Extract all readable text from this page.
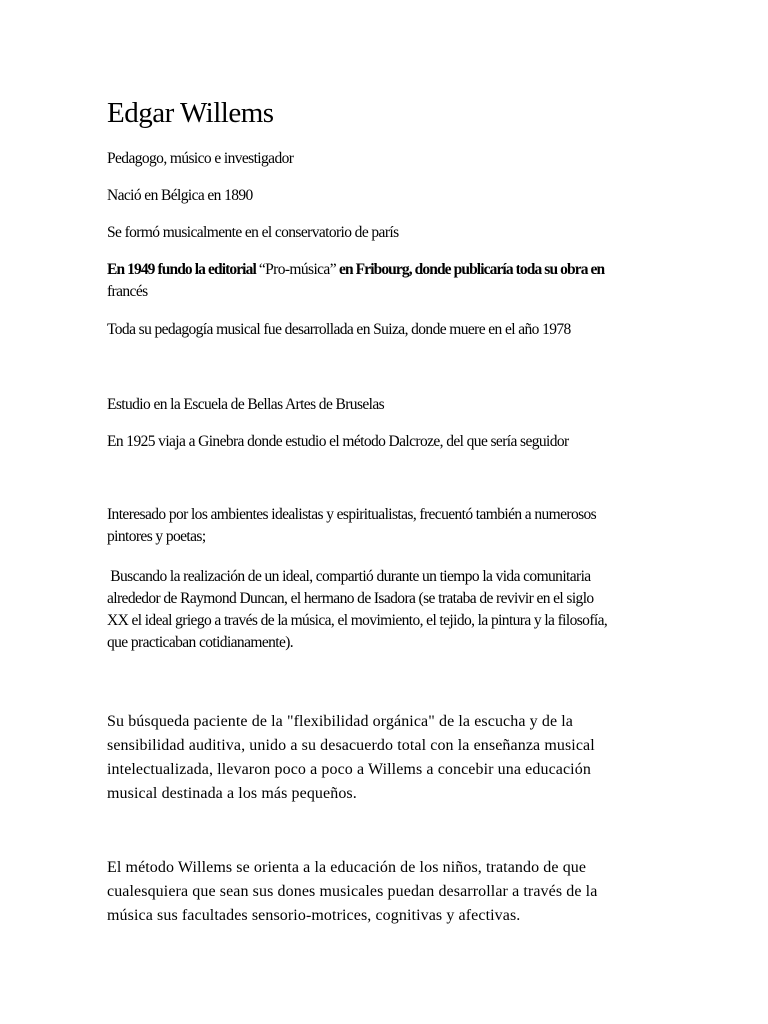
Edgar Willems

Pedagogo, músico e investigador

Nació en Bélgica en 1890

Se formó musicalmente en el conservatorio de parís

En 1949 fundo la editorial “Pro-música” en Fribourg, donde publicaría toda su obra en
francés

Toda su pedagogía musical fue desarrollada en Suiza, donde muere en el año 1978

Estudio en la Escuela de Bellas Artes de Bruselas

En 1925 viaja a Ginebra donde estudio el método Dalcroze, del que sería seguidor

Interesado por los ambientes idealistas y espiritualistas, frecuentó también a numerosos
pintores y poetas;

Buscando la realización de un ideal, compartió durante un tiempo la vida comunitaria
alrededor de Raymond Duncan, el hermano de Isadora (se trataba de revivir en el siglo
XX el ideal griego a través de la música, el movimiento, el tejido, la pintura y la filosofía,
que practicaban cotidianamente).

Su búsqueda paciente de la "flexibilidad orgánica" de la escucha y de la
sensibilidad auditiva, unido a su desacuerdo total con la enseñanza musical
intelectualizada, llevaron poco a poco a Willems a concebir una educación
musical destinada a los más pequeños.

El método Willems se orienta a la educación de los niños, tratando de que
cualesquiera que sean sus dones musicales puedan desarrollar a través de la
música sus facultades sensorio-motrices, cognitivas y afectivas.
